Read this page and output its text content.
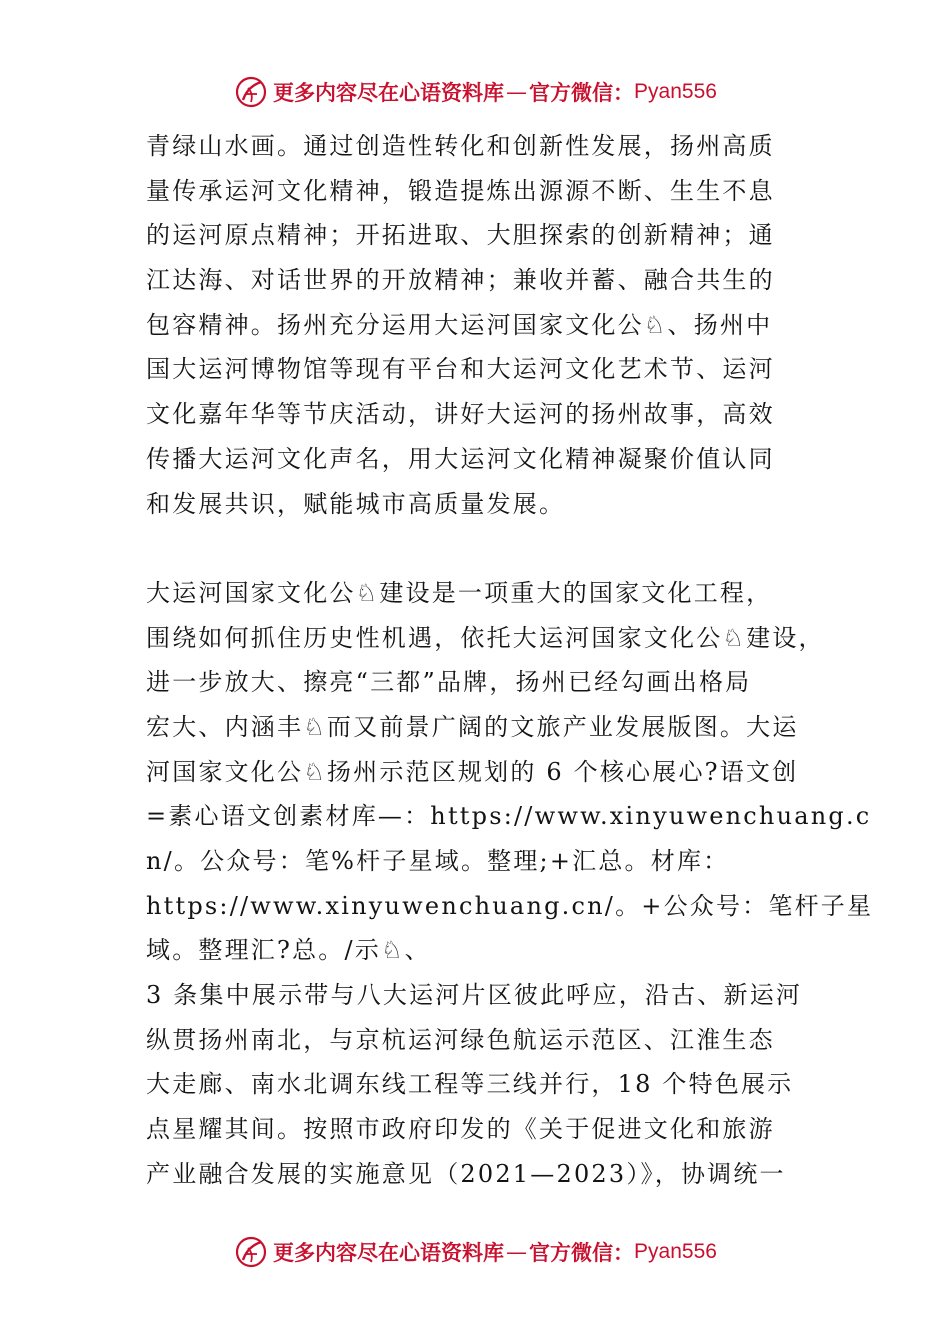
更多内容尽在心语资料库 — 官方微信： Pyan556
青绿山水画。通过创造性转化和创新性发展，扬州高质
量传承运河文化精神，锻造提炼出源源不断、生生不息
的运河原点精神；开拓进取、大胆探索的创新精神；通
江达海、对话世界的开放精神；兼收并蓄、融合共生的
包容精神。扬州充分运用大运河国家文化公♘、扬州中
国大运河博物馆等现有平台和大运河文化艺术节、运河
文化嘉年华等节庆活动，讲好大运河的扬州故事，高效
传播大运河文化声名，用大运河文化精神凝聚价值认同
和发展共识，赋能城市高质量发展。
大运河国家文化公♘建设是一项重大的国家文化工程，
围绕如何抓住历史性机遇，依托大运河国家文化公♘建设，
进一步放大、擦亮“三都”品牌，扬州已经勾画出格局
宏大、内涵丰♘而又前景广阔的文旅产业发展版图。大运
河国家文化公♘扬州示范区规划的 6 个核心展心?语文创
=素心语文创素材库—：https://www.xinyuwenchuang.c
n/。公众号：笔%杆子星域。整理;+汇总。材库：
https://www.xinyuwenchuang.cn/。+公众号：笔杆子星
域。整理汇?总。/示♘、
3 条集中展示带与八大运河片区彼此呼应，沿古、新运河
纵贯扬州南北，与京杭运河绿色航运示范区、江淮生态
大走廊、南水北调东线工程等三线并行，18 个特色展示
点星耀其间。按照市政府印发的《关于促进文化和旅游
产业融合发展的实施意见（2021—2023）》，协调统一
更多内容尽在心语资料库 — 官方微信： Pyan556
